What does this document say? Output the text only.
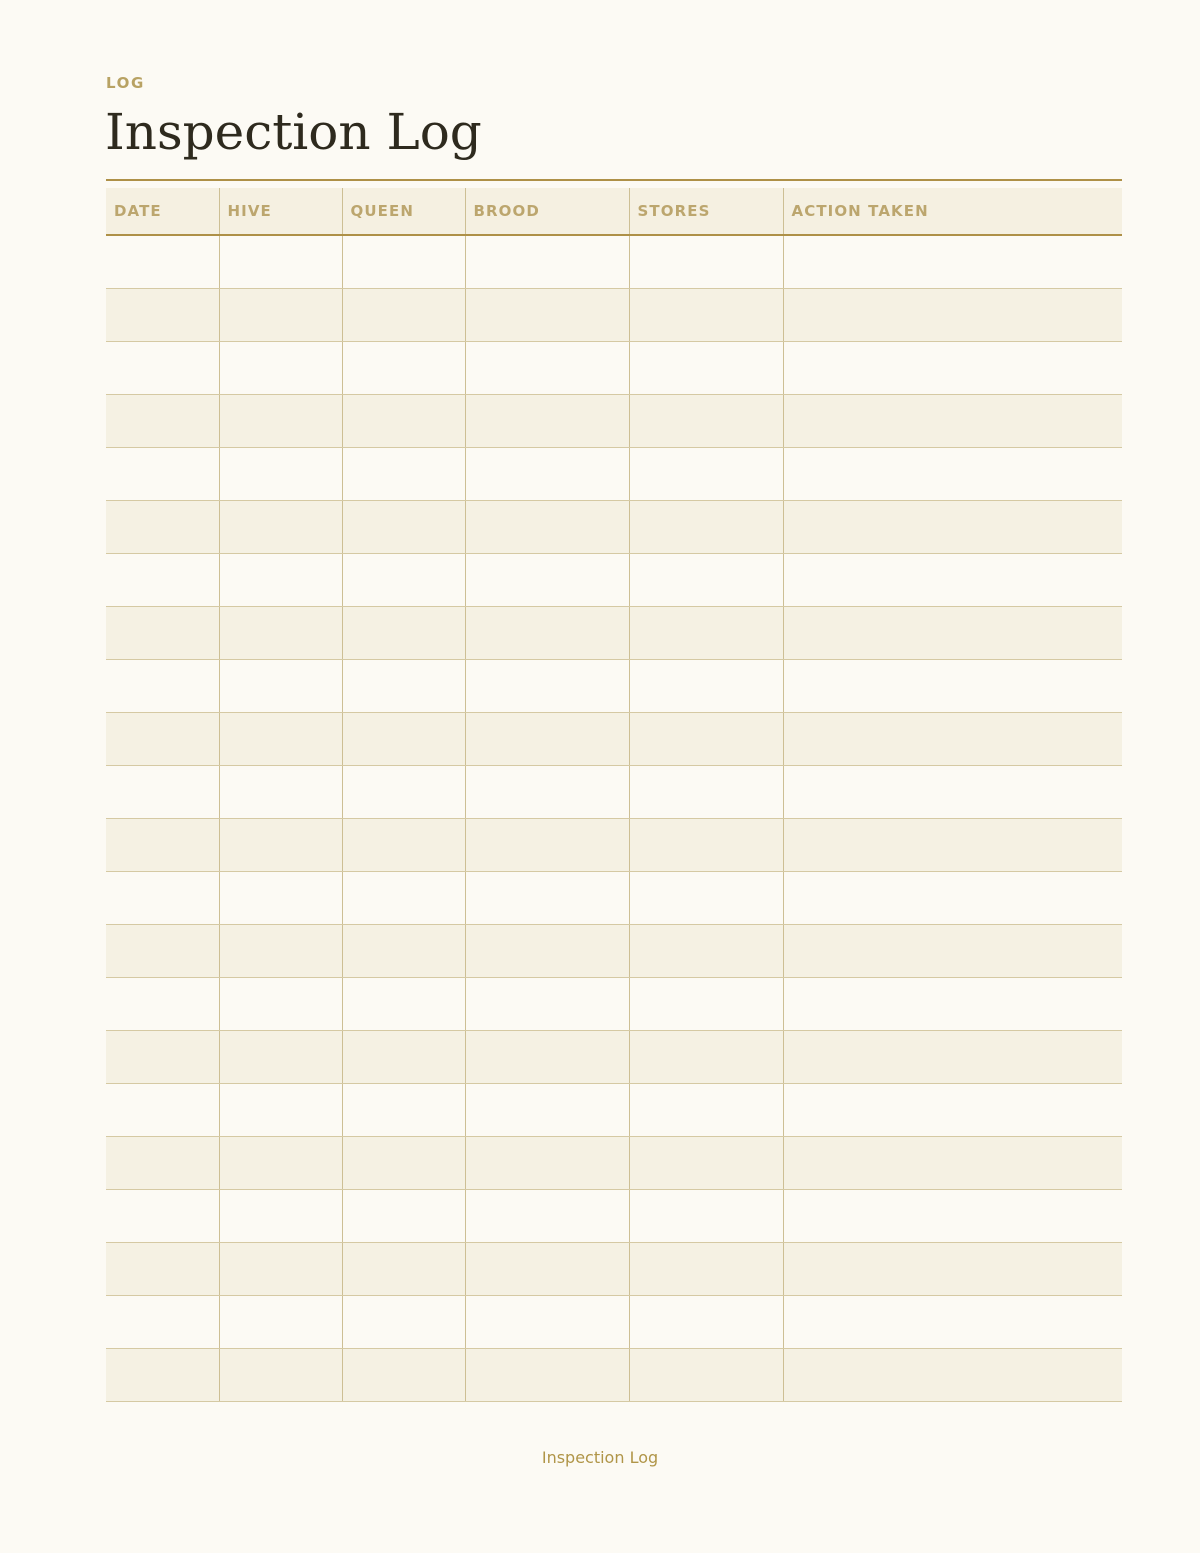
LOG
Inspection Log
DATE	HIVE	QUEEN	BROOD	STORES	ACTION TAKEN

Inspection Log
